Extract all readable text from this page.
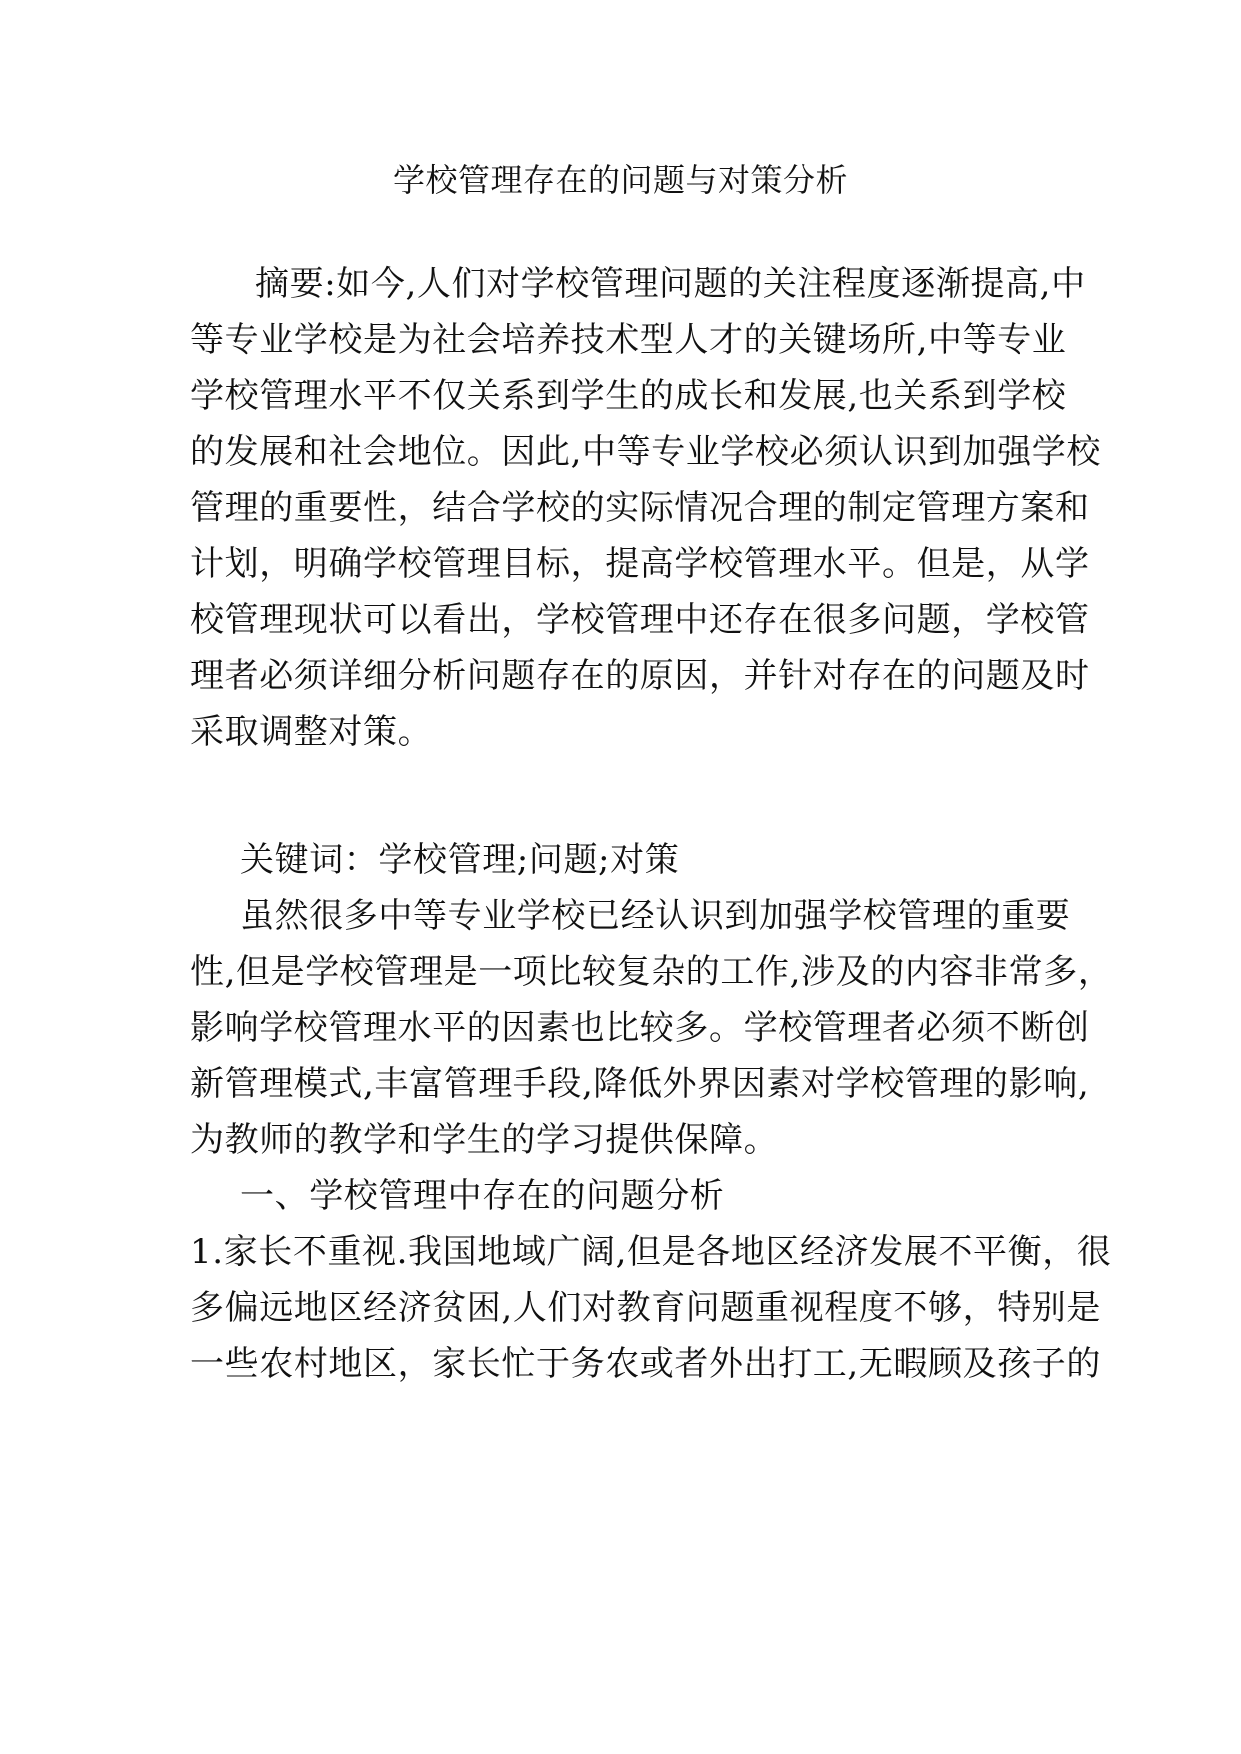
学校管理存在的问题与对策分析
摘要:如今,人们对学校管理问题的关注程度逐渐提高,中
等专业学校是为社会培养技术型人才的关键场所,中等专业
学校管理水平不仅关系到学生的成长和发展,也关系到学校
的发展和社会地位。因此,中等专业学校必须认识到加强学校
管理的重要性，结合学校的实际情况合理的制定管理方案和
计划，明确学校管理目标，提高学校管理水平。但是，从学
校管理现状可以看出，学校管理中还存在很多问题，学校管
理者必须详细分析问题存在的原因，并针对存在的问题及时
采取调整对策。
关键词：学校管理;问题;对策
虽然很多中等专业学校已经认识到加强学校管理的重要
性,但是学校管理是一项比较复杂的工作,涉及的内容非常多，
影响学校管理水平的因素也比较多。学校管理者必须不断创
新管理模式,丰富管理手段,降低外界因素对学校管理的影响,
为教师的教学和学生的学习提供保障。
一、学校管理中存在的问题分析
1.家长不重视.我国地域广阔,但是各地区经济发展不平衡，很
多偏远地区经济贫困,人们对教育问题重视程度不够，特别是
一些农村地区，家长忙于务农或者外出打工,无暇顾及孩子的
